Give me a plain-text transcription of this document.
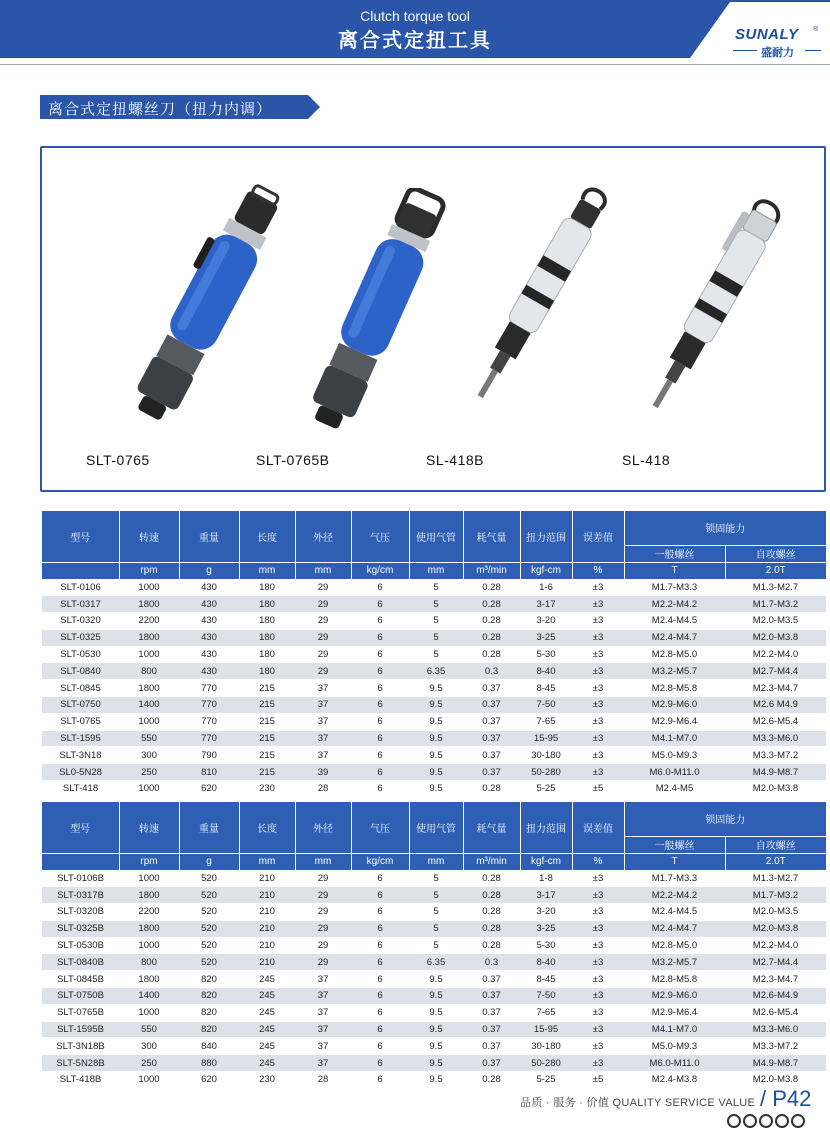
Clutch torque tool
离合式定扭工具	SUNALY ®
盛耐力
离合式定扭螺丝刀（扭力内调）
SLT-0765	SLT-0765B	SL-418B	SL-418
型号	转速	重量	长度	外径	气压	使用气管	耗气量	扭力范围	误差值	锁固能力	
										一般螺丝	自攻螺丝
	rpm	g	mm	mm	kg/cm	mm	m³/min	kgf-cm	%	T	2.0T
SLT-0106	1000	430	180	29	6	5	0.28	1-6	±3	M1.7-M3.3	M1.3-M2.7
SLT-0317	1800	430	180	29	6	5	0.28	3-17	±3	M2.2-M4.2	M1.7-M3.2
SLT-0320	2200	430	180	29	6	5	0.28	3-20	±3	M2.4-M4.5	M2.0-M3.5
SLT-0325	1800	430	180	29	6	5	0.28	3-25	±3	M2.4-M4.7	M2.0-M3.8
SLT-0530	1000	430	180	29	6	5	0.28	5-30	±3	M2.8-M5.0	M2.2-M4.0
SLT-0840	800	430	180	29	6	6.35	0.3	8-40	±3	M3.2-M5.7	M2.7-M4.4
SLT-0845	1800	770	215	37	6	9.5	0.37	8-45	±3	M2.8-M5.8	M2.3-M4.7
SLT-0750	1400	770	215	37	6	9.5	0.37	7-50	±3	M2.9-M6.0	M2.6 M4.9
SLT-0765	1000	770	215	37	6	9.5	0.37	7-65	±3	M2.9-M6.4	M2.6-M5.4
SLT-1595	550	770	215	37	6	9.5	0.37	15-95	±3	M4.1-M7.0	M3.3-M6.0
SLT-3N18	300	790	215	37	6	9.5	0.37	30-180	±3	M5.0-M9.3	M3.3-M7.2
SL0-5N28	250	810	215	39	6	9.5	0.37	50-280	±3	M6.0-M11.0	M4.9-M8.7
SLT-418	1000	620	230	28	6	9.5	0.28	5-25	±5	M2.4-M5	M2.0-M3.8
型号	转速	重量	长度	外径	气压	使用气管	耗气量	扭力范围	误差值	锁固能力	
										一般螺丝	自攻螺丝
	rpm	g	mm	mm	kg/cm	mm	m³/min	kgf-cm	%	T	2.0T
SLT-0106B	1000	520	210	29	6	5	0.28	1-8	±3	M1.7-M3.3	M1.3-M2.7
SLT-0317B	1800	520	210	29	6	5	0.28	3-17	±3	M2.2-M4.2	M1.7-M3.2
SLT-0320B	2200	520	210	29	6	5	0.28	3-20	±3	M2.4-M4.5	M2.0-M3.5
SLT-0325B	1800	520	210	29	6	5	0.28	3-25	±3	M2.4-M4.7	M2.0-M3.8
SLT-0530B	1000	520	210	29	6	5	0.28	5-30	±3	M2.8-M5.0	M2.2-M4.0
SLT-0840B	800	520	210	29	6	6.35	0.3	8-40	±3	M3.2-M5.7	M2.7-M4.4
SLT-0845B	1800	820	245	37	6	9.5	0.37	8-45	±3	M2.8-M5.8	M2.3-M4.7
SLT-0750B	1400	820	245	37	6	9.5	0.37	7-50	±3	M2.9-M6.0	M2.6-M4.9
SLT-0765B	1000	820	245	37	6	9.5	0.37	7-65	±3	M2.9-M6.4	M2.6-M5.4
SLT-1595B	550	820	245	37	6	9.5	0.37	15-95	±3	M4.1-M7.0	M3.3-M6.0
SLT-3N18B	300	840	245	37	6	9.5	0.37	30-180	±3	M5.0-M9.3	M3.3-M7.2
SLT-5N28B	250	880	245	37	6	9.5	0.37	50-280	±3	M6.0-M11.0	M4.9-M8.7
SLT-418B	1000	620	230	28	6	9.5	0.28	5-25	±5	M2.4-M3.8	M2.0-M3.8
品质 · 服务 · 价值 QUALITY SERVICE VALUE / P42
